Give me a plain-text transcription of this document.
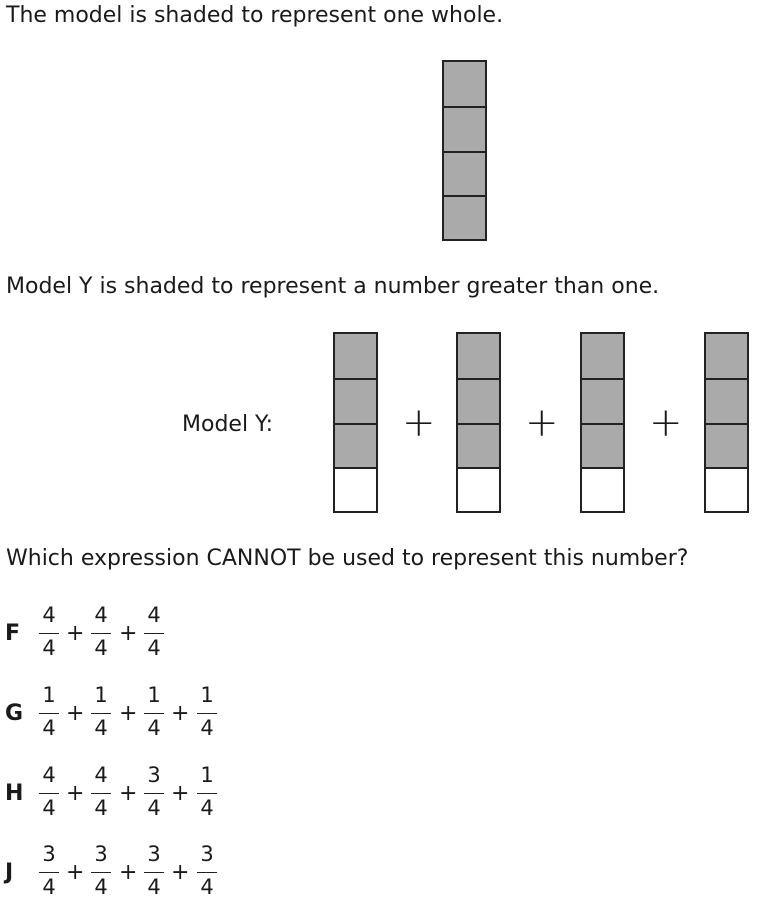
The model is shaded to represent one whole.
Model Y is shaded to represent a number greater than one.
Model Y:	+ + +
Which expression CANNOT be used to represent this number?
F
4
4
+
4
4
+
4
4
G
1
4
+
1
4
+
1
4
+
1
4
H
4
4
+
4
4
+
3
4
+
1
4
J
3
4
+
3
4
+
3
4
+
3
4
